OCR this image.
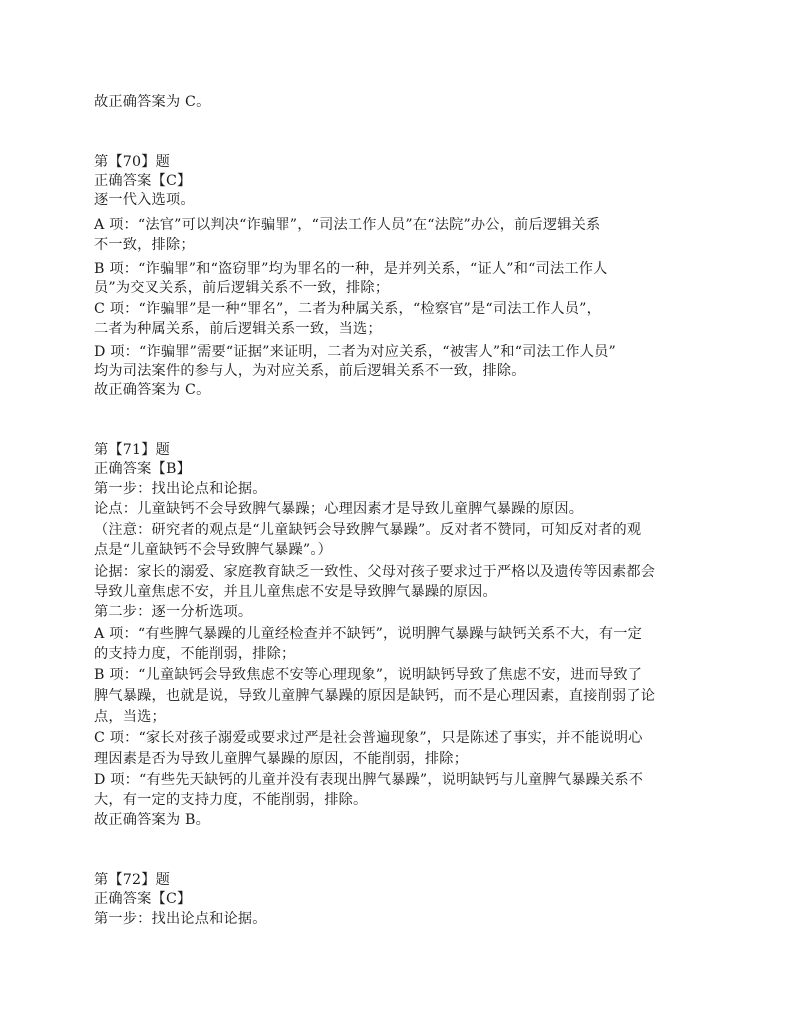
故正确答案为 C。
第【70】题
正确答案【C】
逐一代入选项。
A 项：“法官”可以判决“诈骗罪”，“司法工作人员”在“法院”办公，前后逻辑关系
不一致，排除；
B 项：“诈骗罪”和“盗窃罪”均为罪名的一种，是并列关系，“证人”和“司法工作人
员”为交叉关系，前后逻辑关系不一致，排除；
C 项：“诈骗罪”是一种“罪名”，二者为种属关系，“检察官”是“司法工作人员”，
二者为种属关系，前后逻辑关系一致，当选；
D 项：“诈骗罪”需要“证据”来证明，二者为对应关系，“被害人”和“司法工作人员”
均为司法案件的参与人，为对应关系，前后逻辑关系不一致，排除。
故正确答案为 C。
第【71】题
正确答案【B】
第一步：找出论点和论据。
论点：儿童缺钙不会导致脾气暴躁；心理因素才是导致儿童脾气暴躁的原因。
（注意：研究者的观点是“儿童缺钙会导致脾气暴躁”。反对者不赞同，可知反对者的观
点是“儿童缺钙不会导致脾气暴躁”。）
论据：家长的溺爱、家庭教育缺乏一致性、父母对孩子要求过于严格以及遗传等因素都会
导致儿童焦虑不安，并且儿童焦虑不安是导致脾气暴躁的原因。
第二步：逐一分析选项。
A 项：“有些脾气暴躁的儿童经检查并不缺钙”，说明脾气暴躁与缺钙关系不大，有一定
的支持力度，不能削弱，排除；
B 项：“儿童缺钙会导致焦虑不安等心理现象”，说明缺钙导致了焦虑不安，进而导致了
脾气暴躁，也就是说，导致儿童脾气暴躁的原因是缺钙，而不是心理因素，直接削弱了论
点，当选；
C 项：“家长对孩子溺爱或要求过严是社会普遍现象”，只是陈述了事实，并不能说明心
理因素是否为导致儿童脾气暴躁的原因，不能削弱，排除；
D 项：“有些先天缺钙的儿童并没有表现出脾气暴躁”，说明缺钙与儿童脾气暴躁关系不
大，有一定的支持力度，不能削弱，排除。
故正确答案为 B。
第【72】题
正确答案【C】
第一步：找出论点和论据。
